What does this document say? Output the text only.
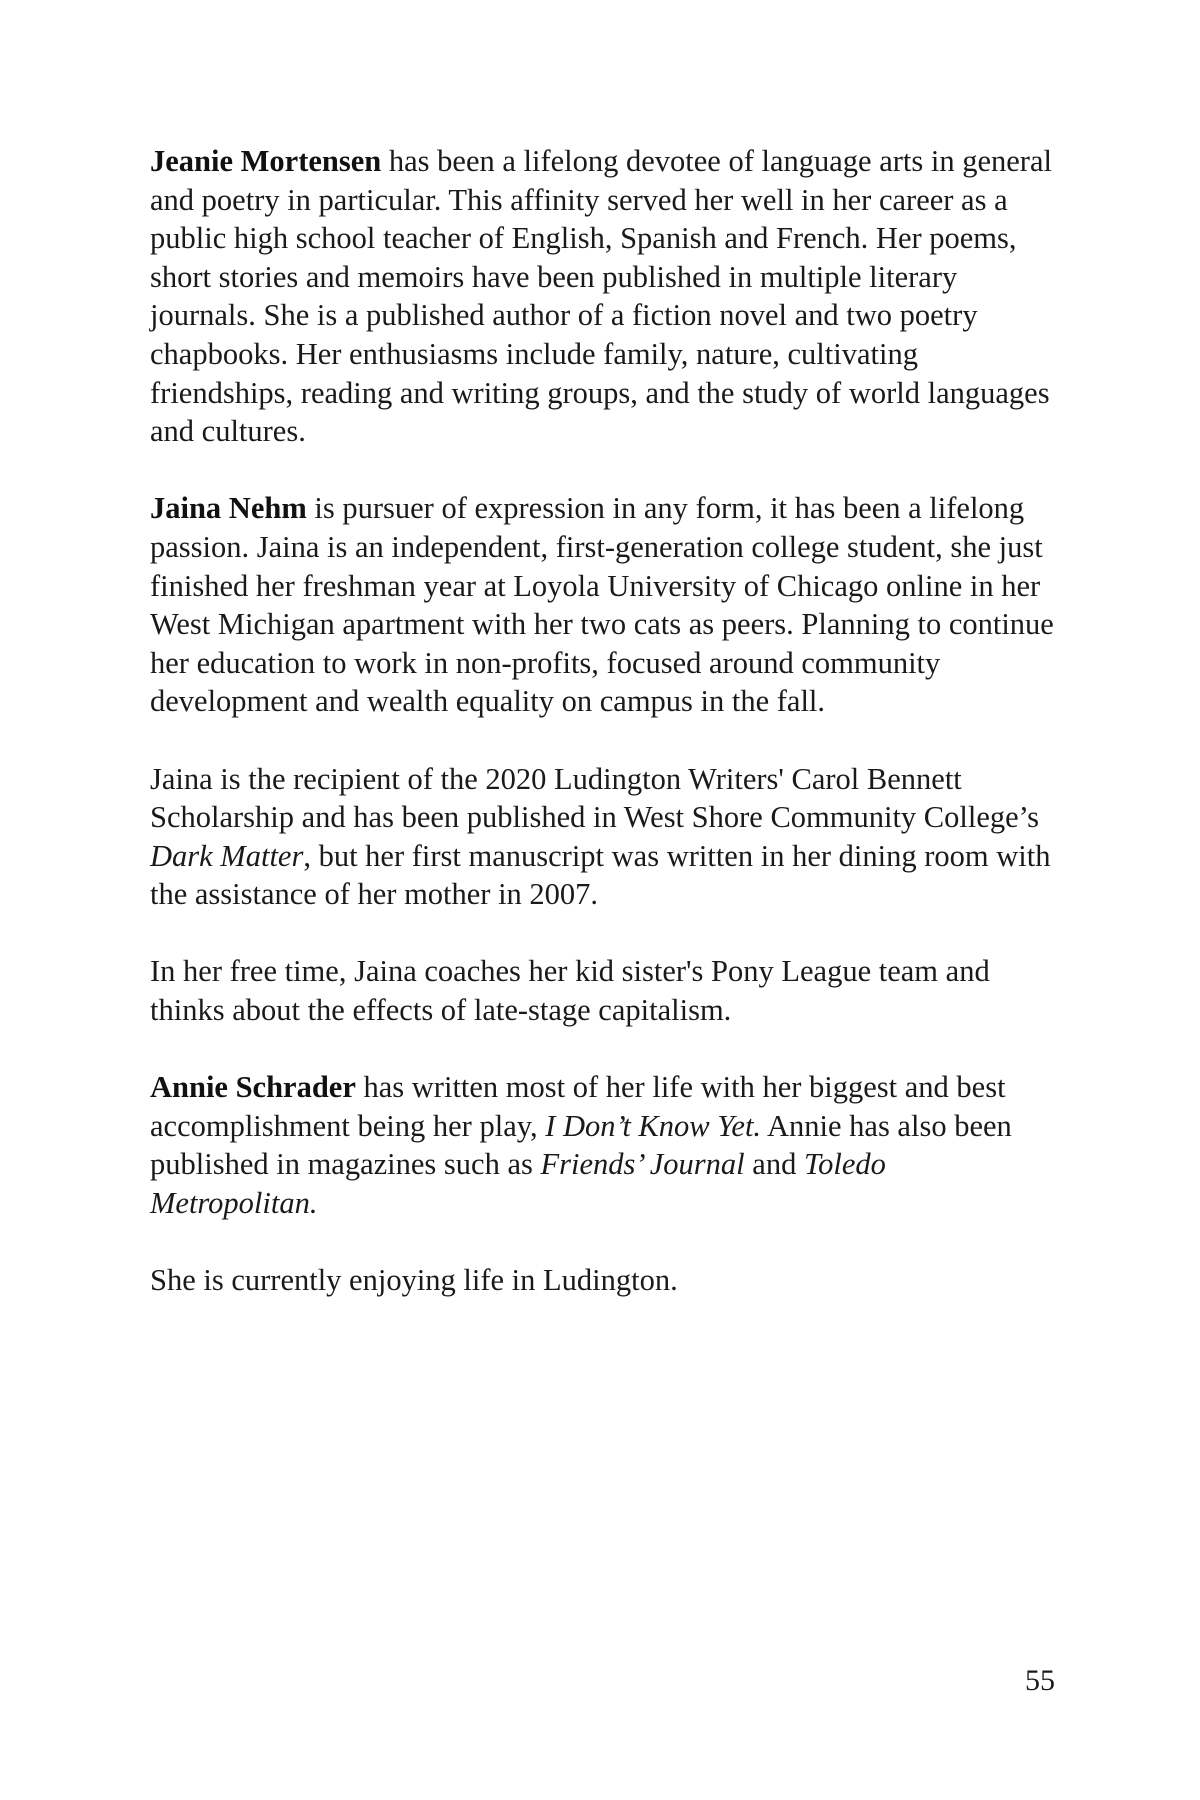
Jeanie Mortensen has been a lifelong devotee of language arts in general and poetry in particular. This affinity served her well in her career as a public high school teacher of English, Spanish and French. Her poems, short stories and memoirs have been published in multiple literary journals. She is a published author of a fiction novel and two poetry chapbooks. Her enthusiasms include family, nature, cultivating friendships, reading and writing groups, and the study of world languages and cultures.

Jaina Nehm is pursuer of expression in any form, it has been a lifelong passion. Jaina is an independent, first-generation college student, she just finished her freshman year at Loyola University of Chicago online in her West Michigan apartment with her two cats as peers. Planning to continue her education to work in non-profits, focused around community development and wealth equality on campus in the fall.

Jaina is the recipient of the 2020 Ludington Writers' Carol Bennett Scholarship and has been published in West Shore Community College’s Dark Matter, but her first manuscript was written in her dining room with the assistance of her mother in 2007.

In her free time, Jaina coaches her kid sister's Pony League team and thinks about the effects of late-stage capitalism.

Annie Schrader has written most of her life with her biggest and best accomplishment being her play, I Don’t Know Yet. Annie has also been published in magazines such as Friends’ Journal and Toledo Metropolitan.

She is currently enjoying life in Ludington.

55
